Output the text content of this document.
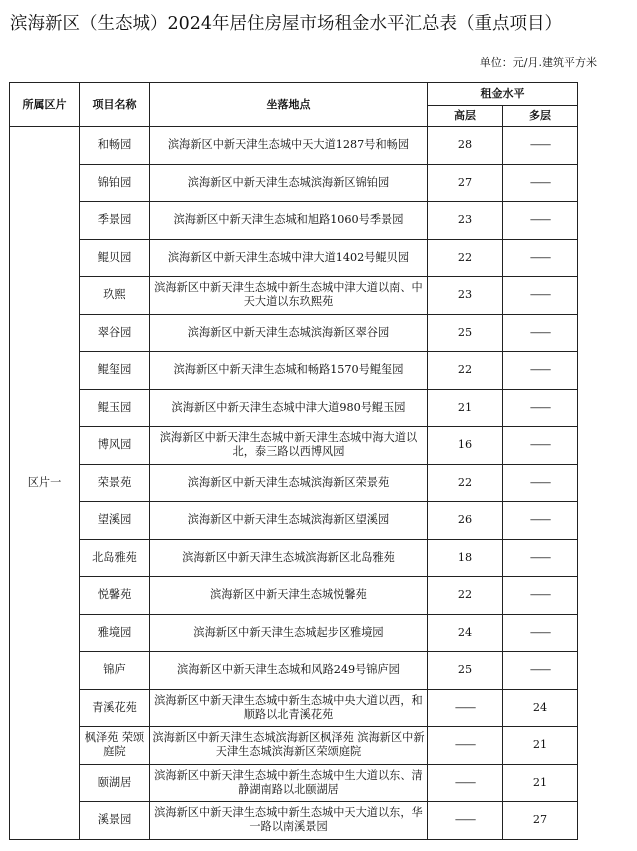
滨海新区（生态城）2024年居住房屋市场租金水平汇总表（重点项目）
单位：元/月.建筑平方米
所属区片	项目名称	坐落地点	租金水平	
			高层	多层
区片一	和畅园	滨海新区中新天津生态城中天大道1287号和畅园	28	——
	锦铂园	滨海新区中新天津生态城滨海新区锦铂园	27	——
	季景园	滨海新区中新天津生态城和旭路1060号季景园	23	——
	鲲贝园	滨海新区中新天津生态城中津大道1402号鲲贝园	22	——
	玖熙	滨海新区中新天津生态城中新生态城中津大道以南、中天大道以东玖熙苑	23	——
	翠谷园	滨海新区中新天津生态城滨海新区翠谷园	25	——
	鲲玺园	滨海新区中新天津生态城和畅路1570号鲲玺园	22	——
	鲲玉园	滨海新区中新天津生态城中津大道980号鲲玉园	21	——
	博风园	滨海新区中新天津生态城中新天津生态城中海大道以北，泰三路以西博风园	16	——
	荣景苑	滨海新区中新天津生态城滨海新区荣景苑	22	——
	望溪园	滨海新区中新天津生态城滨海新区望溪园	26	——
	北岛雅苑	滨海新区中新天津生态城滨海新区北岛雅苑	18	——
	悦馨苑	滨海新区中新天津生态城悦馨苑	22	——
	雅境园	滨海新区中新天津生态城起步区雅境园	24	——
	锦庐	滨海新区中新天津生态城和风路249号锦庐园	25	——
	青溪花苑	滨海新区中新天津生态城中新生态城中央大道以西，和顺路以北青溪花苑	——	24
	枫泽苑 荣颂庭院	滨海新区中新天津生态城滨海新区枫泽苑 滨海新区中新天津生态城滨海新区荣颂庭院	——	21
	颐湖居	滨海新区中新天津生态城中新生态城中生大道以东、清静湖南路以北颐湖居	——	21
	溪景园	滨海新区中新天津生态城中新生态城中天大道以东，华一路以南溪景园	——	27
